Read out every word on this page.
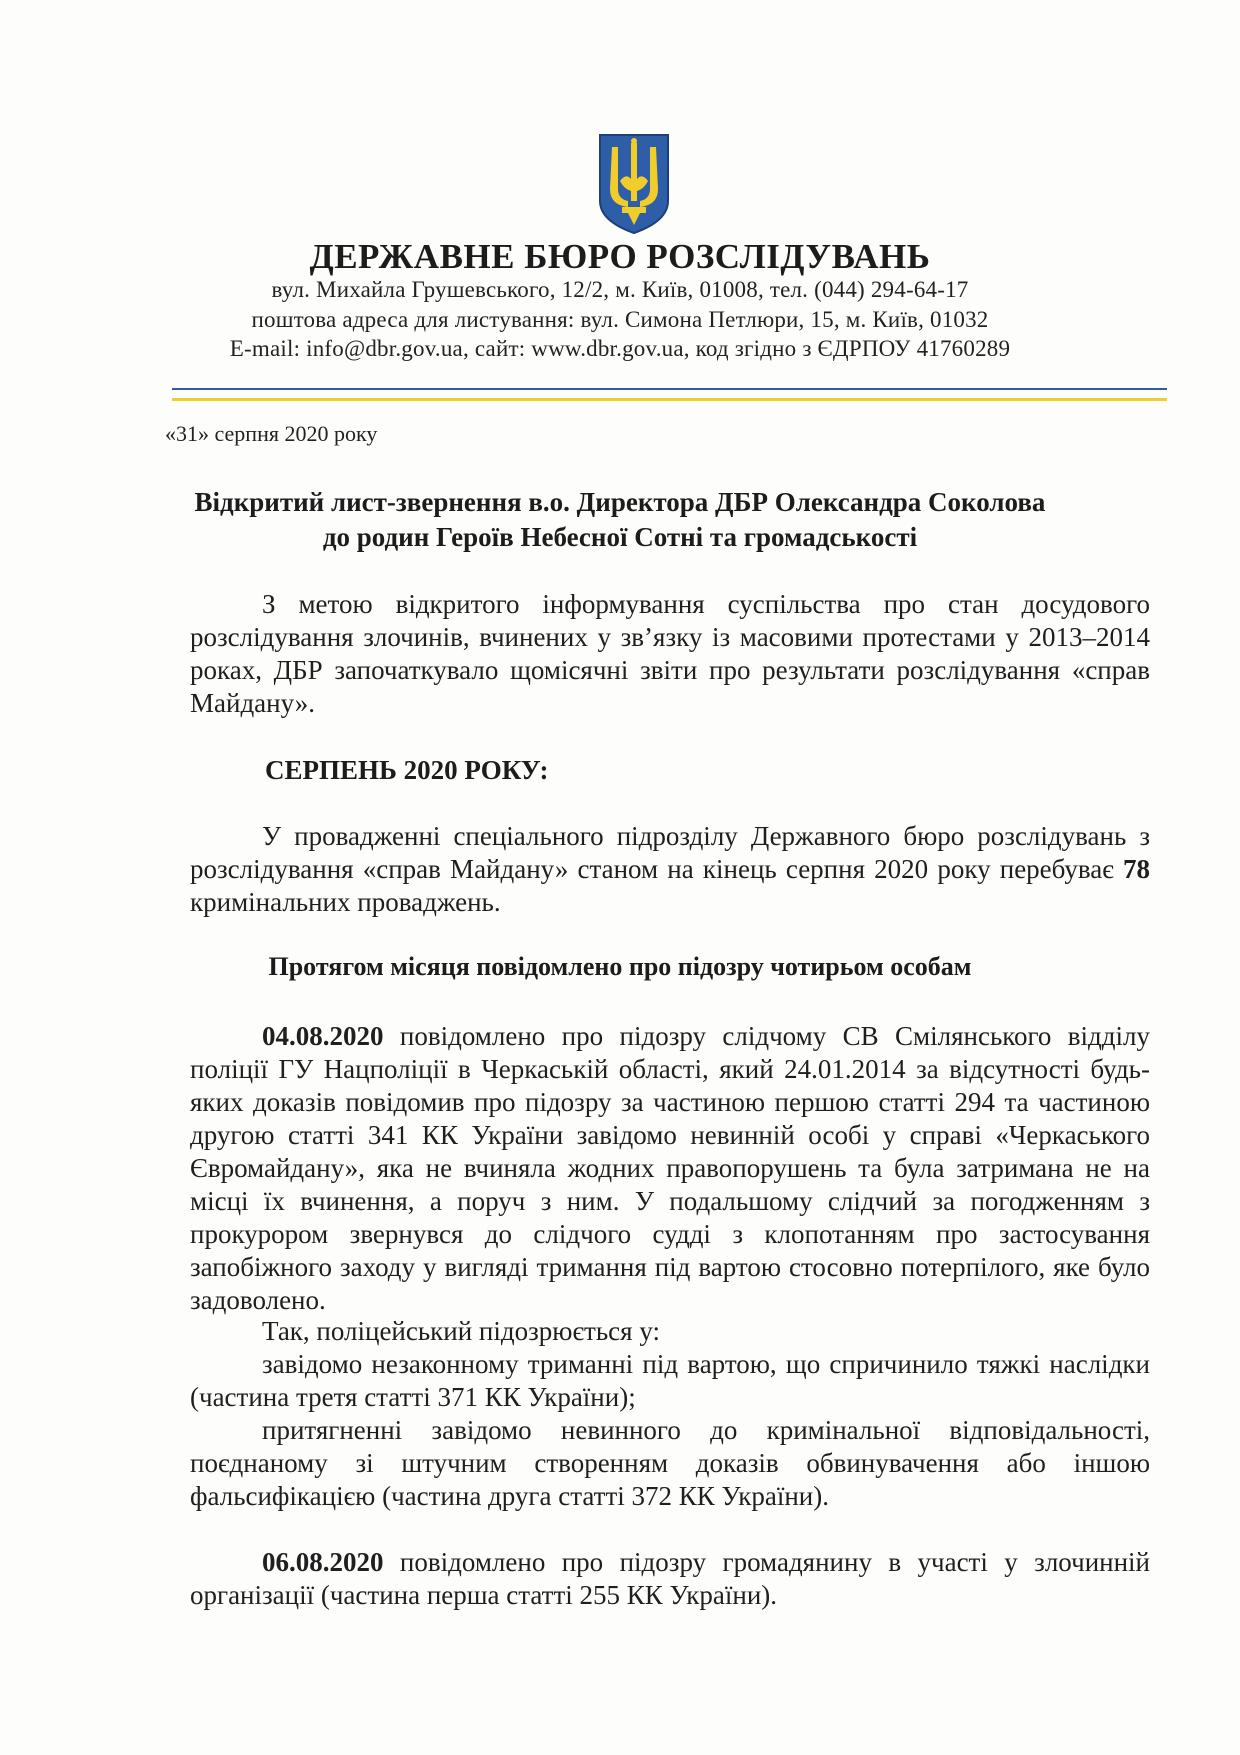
ДЕРЖАВНЕ БЮРО РОЗСЛІДУВАНЬ
вул. Михайла Грушевського, 12/2, м. Київ, 01008, тел. (044) 294-64-17
поштова адреса для листування: вул. Симона Петлюри, 15, м. Київ, 01032
E-mail: info@dbr.gov.ua, сайт: www.dbr.gov.ua, код згідно з ЄДРПОУ 41760289
«31» серпня 2020 року
Відкритий лист-звернення в.о. Директора ДБР Олександра Соколова
до родин Героїв Небесної Сотні та громадськості
З метою відкритого інформування суспільства про стан досудового розслідування злочинів, вчинених у зв’язку із масовими протестами у 2013–2014 роках, ДБР започаткувало щомісячні звіти про результати розслідування «справ Майдану».
СЕРПЕНЬ 2020 РОКУ:
У провадженні спеціального підрозділу Державного бюро розслідувань з розслідування «справ Майдану» станом на кінець серпня 2020 року перебуває 78 кримінальних проваджень.
Протягом місяця повідомлено про підозру чотирьом особам
04.08.2020 повідомлено про підозру слідчому СВ Смілянського відділу поліції ГУ Нацполіції в Черкаській області, який 24.01.2014 за відсутності будь-яких доказів повідомив про підозру за частиною першою статті 294 та частиною другою статті 341 КК України завідомо невинній особі у справі «Черкаського Євромайдану», яка не вчиняла жодних правопорушень та була затримана не на місці їх вчинення, а поруч з ним. У подальшому слідчий за погодженням з прокурором звернувся до слідчого судді з клопотанням про застосування запобіжного заходу у вигляді тримання під вартою стосовно потерпілого, яке було задоволено.
Так, поліцейський підозрюється у:
завідомо незаконному триманні під вартою, що спричинило тяжкі наслідки (частина третя статті 371 КК України);
притягненні завідомо невинного до кримінальної відповідальності, поєднаному зі штучним створенням доказів обвинувачення або іншою фальсифікацією (частина друга статті 372 КК України).
06.08.2020 повідомлено про підозру громадянину в участі у злочинній організації (частина перша статті 255 КК України).
